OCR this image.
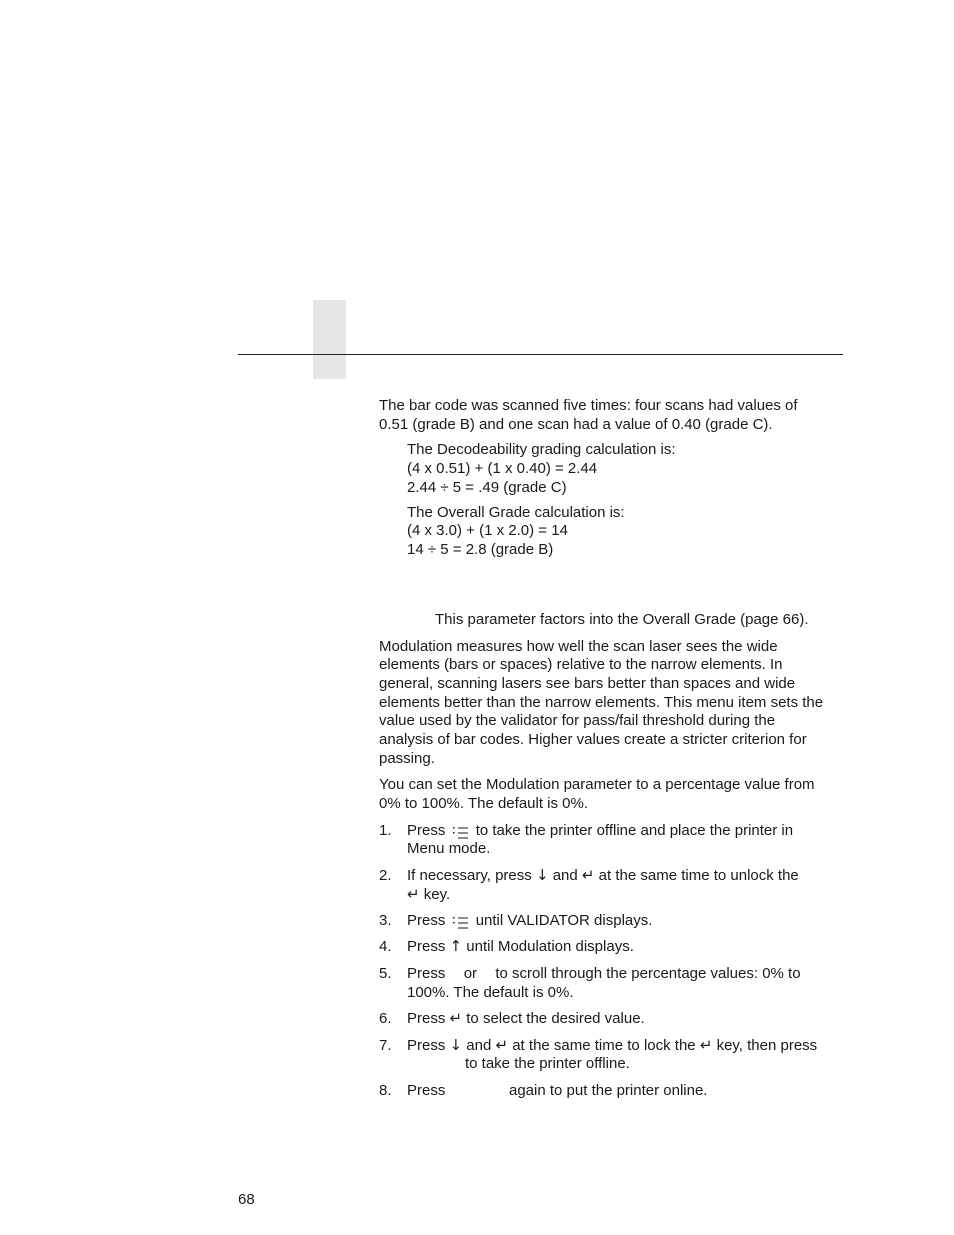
The bar code was scanned five times: four scans had values of
0.51 (grade B) and one scan had a value of 0.40 (grade C).
The Decodeability grading calculation is:
(4 x 0.51) + (1 x 0.40) = 2.44
2.44 ÷ 5 = .49 (grade C)
The Overall Grade calculation is:
(4 x 3.0) + (1 x 2.0) = 14
14 ÷ 5 = 2.8 (grade B)
This parameter factors into the Overall Grade (page 66).
Modulation measures how well the scan laser sees the wide
elements (bars or spaces) relative to the narrow elements. In
general, scanning lasers see bars better than spaces and wide
elements better than the narrow elements. This menu item sets the
value used by the validator for pass/fail threshold during the
analysis of bar codes. Higher values create a stricter criterion for
passing.
You can set the Modulation parameter to a percentage value from
0% to 100%. The default is 0%.
1. Press to take the printer offline and place the printer in
Menu mode.
2. If necessary, press ↓ and ↵ at the same time to unlock the
↵ key.
3. Press until VALIDATOR displays.
4. Press ↑ until Modulation displays.
5. Press or to scroll through the percentage values: 0% to
100%. The default is 0%.
6. Press ↵ to select the desired value.
7. Press ↓ and ↵ at the same time to lock the ↵ key, then press
to take the printer offline.
8. Press	again to put the printer online.
68
